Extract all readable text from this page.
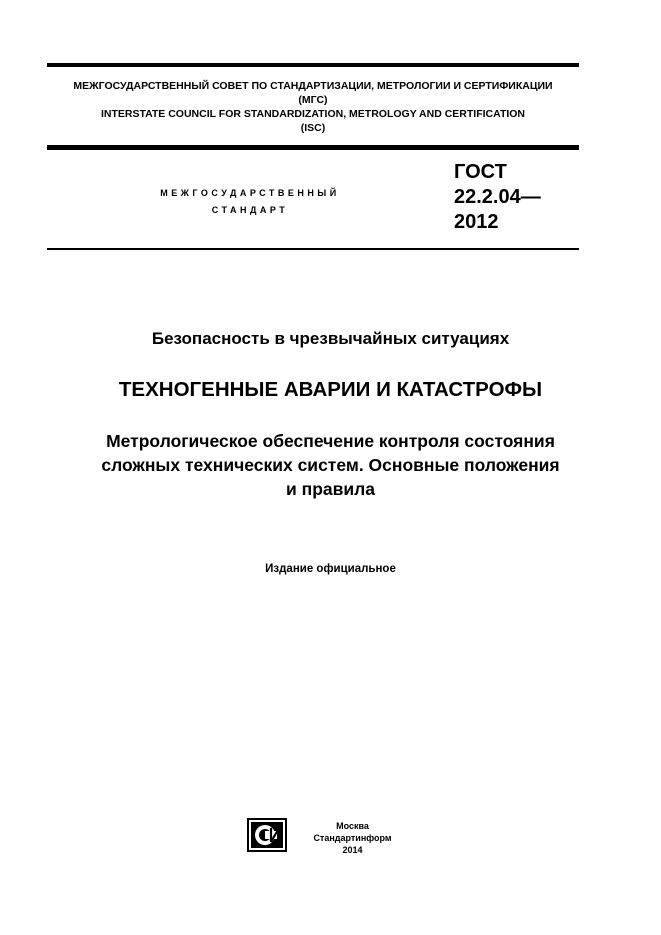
МЕЖГОСУДАРСТВЕННЫЙ СОВЕТ ПО СТАНДАРТИЗАЦИИ, МЕТРОЛОГИИ И СЕРТИФИКАЦИИ
(МГС)
INTERSTATE COUNCIL FOR STANDARDIZATION, METROLOGY AND CERTIFICATION
(ISC)
МЕЖГОСУДАРСТВЕННЫЙ
СТАНДАРТ
ГОСТ
22.2.04—
2012
Безопасность в чрезвычайных ситуациях
ТЕХНОГЕННЫЕ АВАРИИ И КАТАСТРОФЫ
Метрологическое обеспечение контроля состояния
сложных технических систем. Основные положения
и правила
Издание официальное
Москва
Стандартинформ
2014
